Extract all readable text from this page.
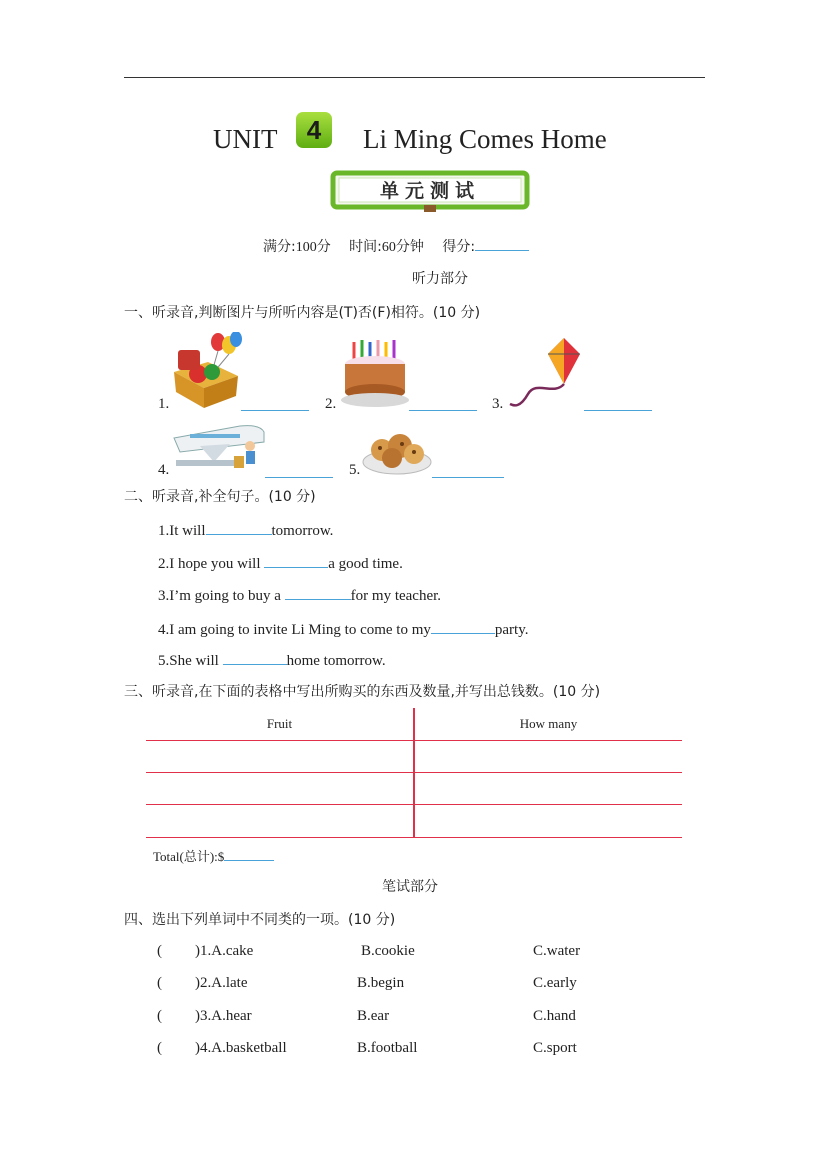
UNIT	4	Li Ming Comes Home
单元测试
满分:100分 时间:60分钟 得分:
听力部分
一、听录音,判断图片与所听内容是(T)否(F)相符。(10 分)
1.	2.	3.
4.	5.
二、听录音,补全句子。(10 分)
1.It will	tomorrow.
2.I hope you will	a good time.
3.I’m going to buy a	for my teacher.
4.I am going to invite Li Ming to come to my	party.
5.She will	home tomorrow.
三、听录音,在下面的表格中写出所购买的东西及数量,并写出总钱数。(10 分)
Fruit	How many
Total(总计):$
笔试部分
四、选出下列单词中不同类的一项。(10 分)
( )1.A.cake	B.cookie	C.water
( )2.A.late	B.begin	C.early
( )3.A.hear	B.ear	C.hand
( )4.A.basketball	B.football	C.sport
